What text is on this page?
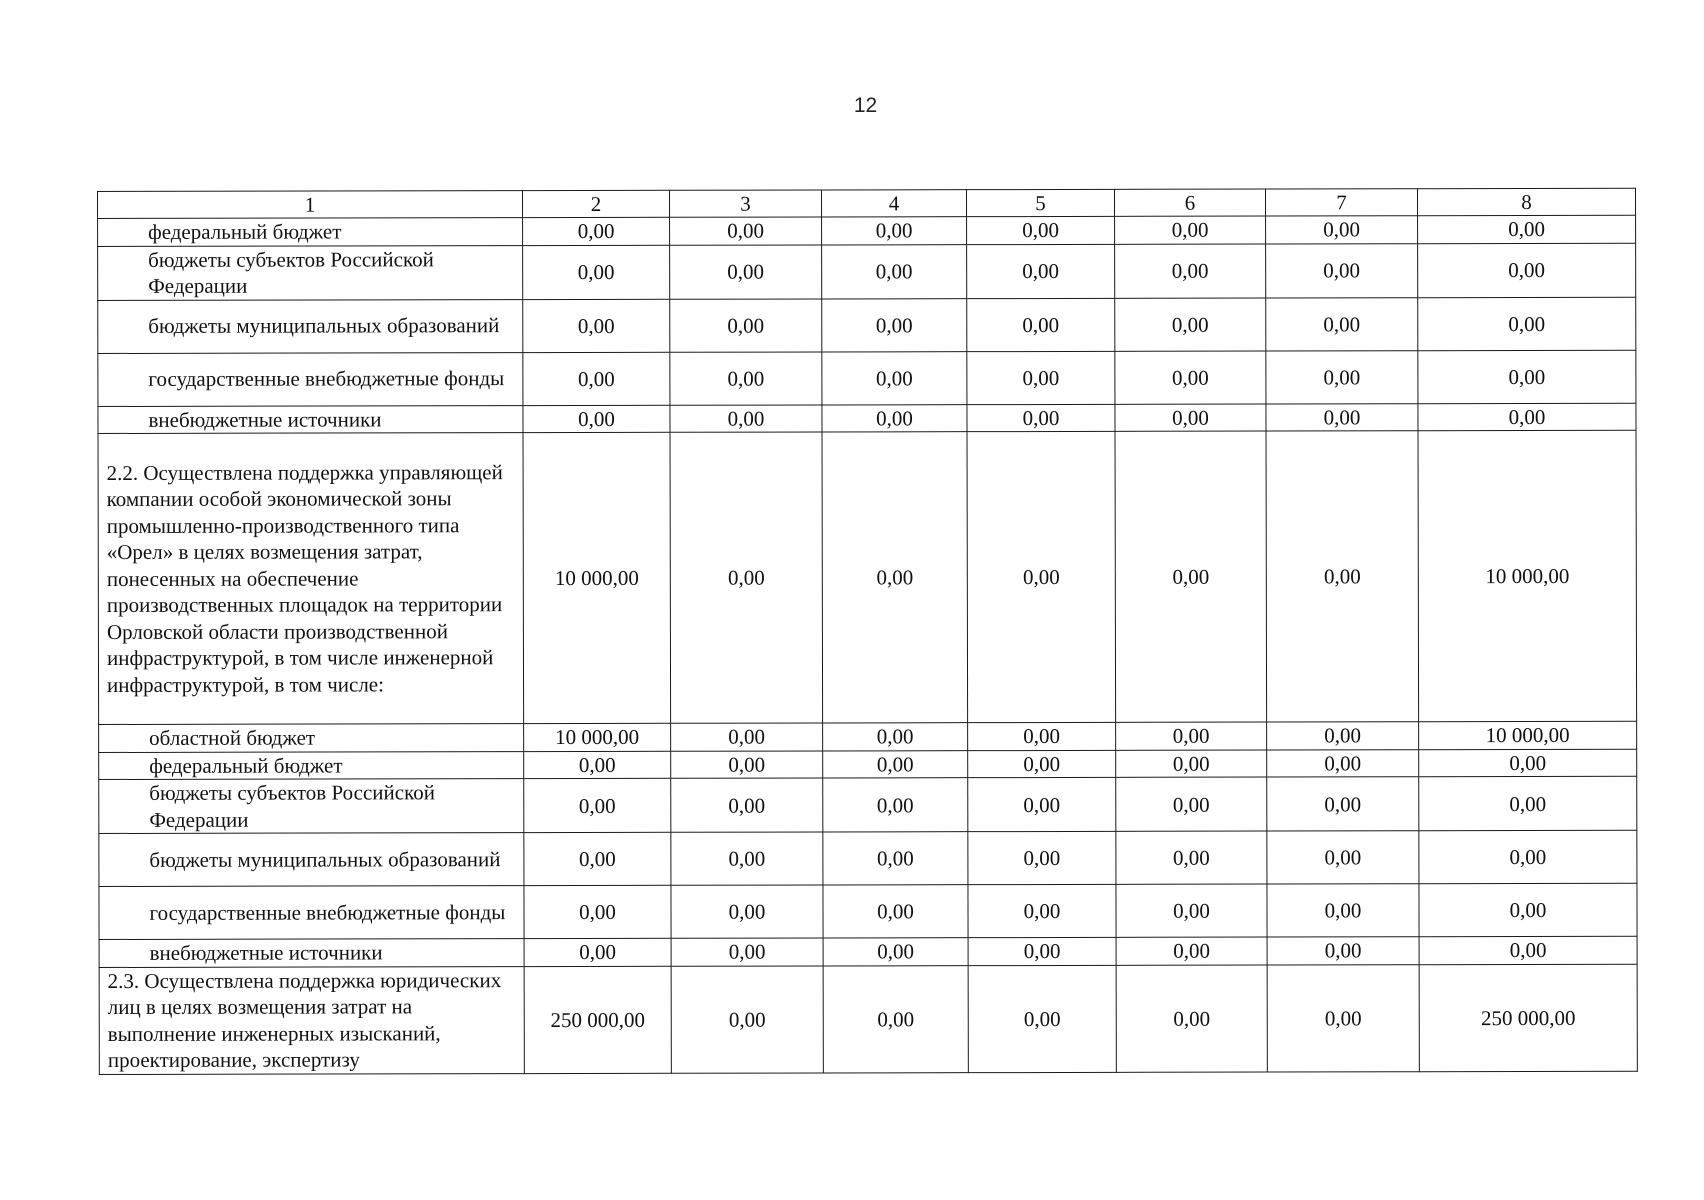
12
1	2	3	4	5	6	7	8
федеральный бюджет	0,00	0,00	0,00	0,00	0,00	0,00	0,00
бюджеты субъектов Российской Федерации	0,00	0,00	0,00	0,00	0,00	0,00	0,00
бюджеты муниципальных образований	0,00	0,00	0,00	0,00	0,00	0,00	0,00
государственные внебюджетные фонды	0,00	0,00	0,00	0,00	0,00	0,00	0,00
внебюджетные источники	0,00	0,00	0,00	0,00	0,00	0,00	0,00
2.2. Осуществлена поддержка управляющей компании особой экономической зоны промышленно-производственного типа «Орел» в целях возмещения затрат, понесенных на обеспечение производственных площадок на территории Орловской области производственной инфраструктурой, в том числе инженерной инфраструктурой, в том числе:	10 000,00	0,00	0,00	0,00	0,00	0,00	10 000,00
областной бюджет	10 000,00	0,00	0,00	0,00	0,00	0,00	10 000,00
федеральный бюджет	0,00	0,00	0,00	0,00	0,00	0,00	0,00
бюджеты субъектов Российской Федерации	0,00	0,00	0,00	0,00	0,00	0,00	0,00
бюджеты муниципальных образований	0,00	0,00	0,00	0,00	0,00	0,00	0,00
государственные внебюджетные фонды	0,00	0,00	0,00	0,00	0,00	0,00	0,00
внебюджетные источники	0,00	0,00	0,00	0,00	0,00	0,00	0,00
2.3. Осуществлена поддержка юридических лиц в целях возмещения затрат на выполнение инженерных изысканий, проектирование, экспертизу	250 000,00	0,00	0,00	0,00	0,00	0,00	250 000,00
